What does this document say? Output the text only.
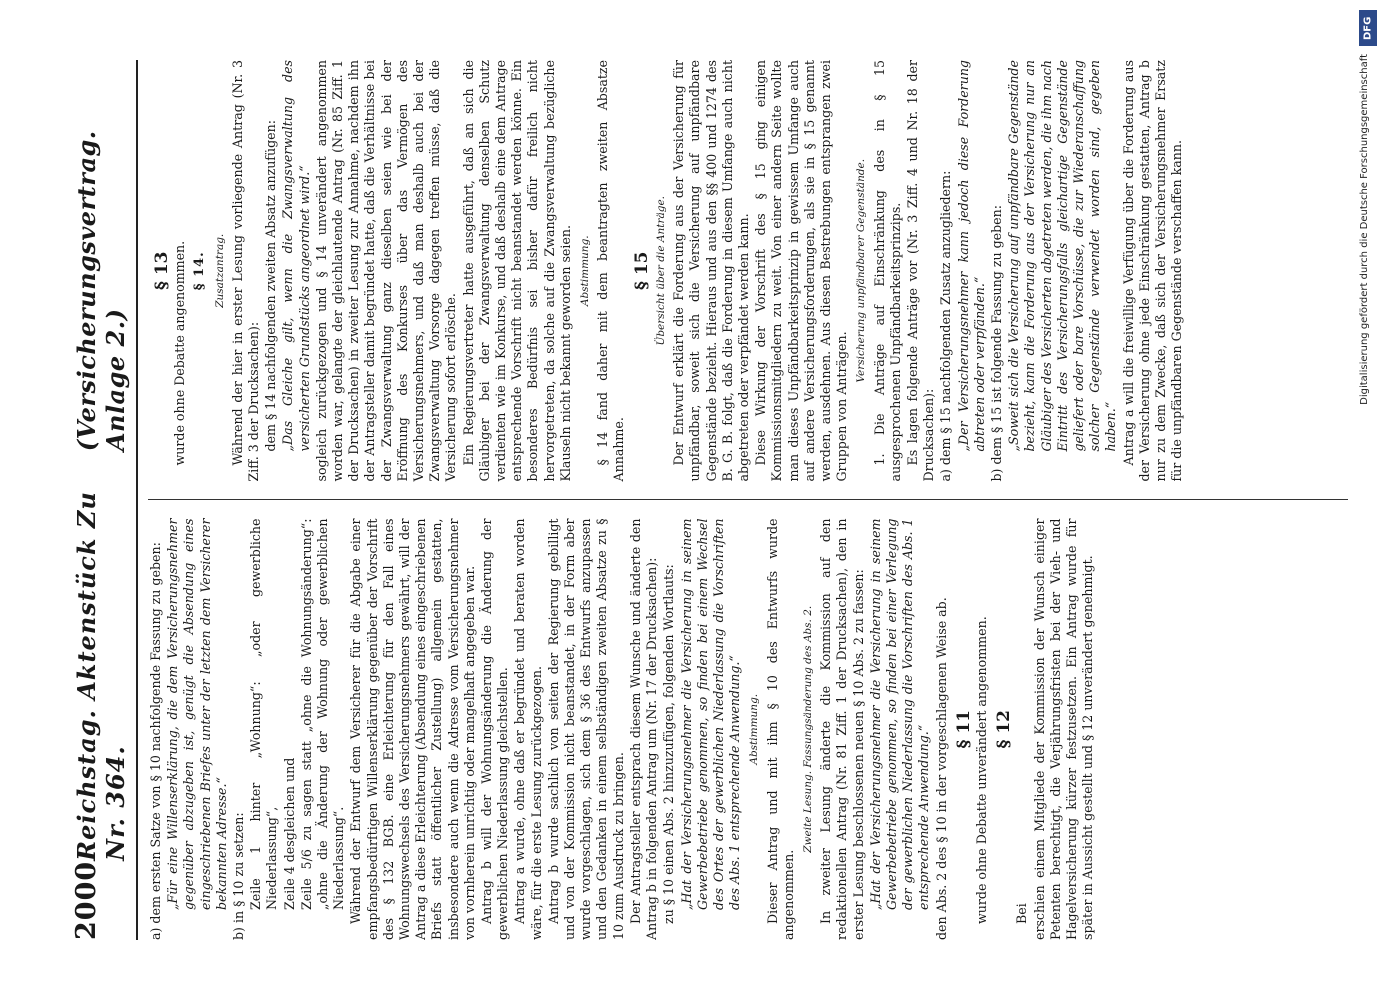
2000
Reichstag. Aktenstück Zu Nr. 364.
(Versicherungsvertrag. Anlage 2.)

a) dem ersten Satze von § 10 nachfolgende Fassung zu geben: „Für eine Willenserklärung, die dem Versicherungsnehmer gegenüber abzugeben ist, genügt die Absendung eines eingeschriebenen Briefes unter der letzten dem Versicherer bekannten Adresse.“ b) in § 10 zu setzen: Zeile 1 hinter „Wohnung“: „oder gewerbliche Niederlassung“, Zeile 4 desgleichen und Zeile 5/6 zu sagen statt „ohne die Wohnungsänderung“: „ohne die Änderung der Wohnung oder gewerblichen Niederlassung“. Während der Entwurf dem Versicherer für die Abgabe einer empfangsbedürftigen Willenserklärung gegenüber der Vorschrift des § 132 BGB. eine Erleichterung für den Fall eines Wohnungswechsels des Versicherungsnehmers gewährt, will der Antrag a diese Erleichterung (Absendung eines eingeschriebenen Briefs statt öffentlicher Zustellung) allgemein gestatten, insbesondere auch wenn die Adresse vom Versicherungsnehmer von vornherein unrichtig oder mangelhaft angegeben war. Antrag b will der Wohnungsänderung die Änderung der gewerblichen Niederlassung gleichstellen. Antrag a wurde, ohne daß er begründet und beraten worden wäre, für die erste Lesung zurückgezogen. Antrag b wurde sachlich von seiten der Regierung gebilligt und von der Kommission nicht beanstandet, in der Form aber wurde vorgeschlagen, sich dem § 36 des Entwurfs anzupassen und den Gedanken in einem selbständigen zweiten Absatze zu § 10 zum Ausdruck zu bringen. Der Antragsteller entsprach diesem Wunsche und änderte den Antrag b in folgenden Antrag um (Nr. 17 der Drucksachen): zu § 10 einen Abs. 2 hinzuzufügen, folgenden Wortlauts: „Hat der Versicherungsnehmer die Versicherung in seinem Gewerbebetriebe genommen, so finden bei einem Wechsel des Ortes der gewerblichen Niederlassung die Vorschriften des Abs. 1 entsprechende Anwendung.“ Abstimmung. Dieser Antrag und mit ihm § 10 des Entwurfs wurde angenommen.

Zweite Lesung. Fassungsänderung des Abs. 2. In zweiter Lesung änderte die Kommission auf den redaktionellen Antrag (Nr. 81 Ziff. 1 der Drucksachen), den in erster Lesung beschlossenen neuen § 10 Abs. 2 zu fassen: „Hat der Versicherungsnehmer die Versicherung in seinem Gewerbebetriebe genommen, so finden bei einer Verlegung der gewerblichen Niederlassung die Vorschriften des Abs. 1 entsprechende Anwendung.“ den Abs. 2 des § 10 in der vorgeschlagenen Weise ab. § 11 wurde ohne Debatte unverändert angenommen. § 12

Bei erschien einem Mitgliede der Kommission der Wunsch einiger Petenten berechtigt, die Verjährungsfristen bei der Vieh- und Hagelversicherung kürzer festzusetzen. Ein Antrag wurde für später in Aussicht gestellt und § 12 unverändert genehmigt.

§ 13 wurde ohne Debatte angenommen. § 14. Zusatzantrag. Während der hier in erster Lesung vorliegende Antrag (Nr. 3 Ziff. 3 der Drucksachen): dem § 14 nachfolgenden zweiten Absatz anzufügen: „Das Gleiche gilt, wenn die Zwangsverwaltung des versicherten Grundstücks angeordnet wird.“ sogleich zurückgezogen und § 14 unverändert angenommen worden war, gelangte der gleichlautende Antrag (Nr. 85 Ziff. 1 der Drucksachen) in zweiter Lesung zur Annahme, nachdem ihn der Antragsteller damit begründet hatte, daß die Verhältnisse bei der Zwangsverwaltung ganz dieselben seien wie bei der Eröffnung des Konkurses über das Vermögen des Versicherungsnehmers, und daß man deshalb auch bei der Zwangsverwaltung Vorsorge dagegen treffen müsse, daß die Versicherung sofort erlösche. Ein Regierungsvertreter hatte ausgeführt, daß an sich die Gläubiger bei der Zwangsverwaltung denselben Schutz verdienten wie im Konkurse, und daß deshalb eine dem Antrage entsprechende Vorschrift nicht beanstandet werden könne. Ein besonderes Bedürfnis sei bisher dafür freilich nicht hervorgetreten, da solche auf die Zwangsverwaltung bezügliche Klauseln nicht bekannt geworden seien. Abstimmung. § 14 fand daher mit dem beantragten zweiten Absatze Annahme.

§ 15 Übersicht über die Anträge. Der Entwurf erklärt die Forderung aus der Versicherung für unpfändbar, soweit sich die Versicherung auf unpfändbare Gegenstände bezieht. Hieraus und aus den §§ 400 und 1274 des B. G. B. folgt, daß die Forderung in diesem Umfange auch nicht abgetreten oder verpfändet werden kann. Diese Wirkung der Vorschrift des § 15 ging einigen Kommissionsmitgliedern zu weit. Von einer andern Seite wollte man dieses Unpfändbarkeitsprinzip in gewissem Umfange auch auf andere Versicherungsforderungen, als sie in § 15 genannt werden, ausdehnen. Aus diesen Bestrebungen entsprangen zwei Gruppen von Anträgen.

Versicherung unpfändbarer Gegenstände. 1. Die Anträge auf Einschränkung des in § 15 ausgesprochenen Unpfändbarkeitsprinzips. Es lagen folgende Anträge vor (Nr. 3 Ziff. 4 und Nr. 18 der Drucksachen): a) dem § 15 nachfolgenden Zusatz anzugliedern: „Der Versicherungsnehmer kann jedoch diese Forderung abtreten oder verpfänden.“ b) dem § 15 ist folgende Fassung zu geben: „Soweit sich die Versicherung auf unpfändbare Gegenstände bezieht, kann die Forderung aus der Versicherung nur an Gläubiger des Versicherten abgetreten werden, die ihm nach Eintritt des Versicherungsfalls gleichartige Gegenstände geliefert oder bare Vorschüsse, die zur Wiederanschaffung solcher Gegenstände verwendet worden sind, gegeben haben.“ Antrag a will die freiwillige Verfügung über die Forderung aus der Versicherung ohne jede Einschränkung gestatten, Antrag b nur zu dem Zwecke, daß sich der Versicherungsnehmer Ersatz für die unpfändbaren Gegenstände verschaffen kann.

DFG
Digitalisierung gefördert durch die Deutsche Forschungsgemeinschaft
